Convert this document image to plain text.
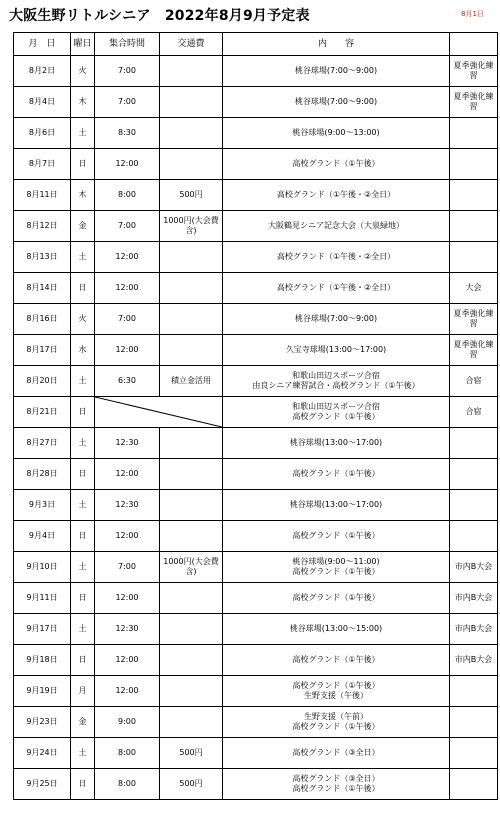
大阪生野リトルシニア　2022年8月9月予定表	8月1日
月　日	曜日	集合時間	交通費	内　　容	
8月2日	火	7:00		桃谷球場(7:00～9:00)	夏季強化練習
8月4日	木	7:00		桃谷球場(7:00～9:00)	夏季強化練習
8月6日	土	8:30		桃谷球場(9:00～13:00)	

8月7日	日	12:00		高校グランド（①午後）	

8月11日	木	8:00	500円	高校グランド（①午後・②全日）	

8月12日	金	7:00	1000円(大会費含)	大阪鶴見シニア記念大会（大泉緑地）	

8月13日	土	12:00		高校グランド（①午後・②全日）	

8月14日	日	12:00		高校グランド（①午後・②全日）	大会
8月16日	火	7:00		桃谷球場(7:00～9:00)	夏季強化練習
8月17日	水	12:00		久宝寺球場(13:00～17:00)	夏季強化練習
8月20日	土	6:30	積立金活用	和歌山田辺スポーツ合宿
由良シニア練習試合・高校グランド（①午後）	合宿
8月21日	日			和歌山田辺スポーツ合宿
高校グランド（①午後）	合宿
8月27日	土	12:30		桃谷球場(13:00～17:00)	

8月28日	日	12:00		高校グランド（①午後）	

9月3日	土	12:30		桃谷球場(13:00～17:00)	

9月4日	日	12:00		高校グランド（①午後）	

9月10日	土	7:00	1000円(大会費含)	桃谷球場(9:00～11:00)
高校グランド（①午後）	市内B大会
9月11日	日	12:00		高校グランド（①午後）	市内B大会
9月17日	土	12:30		桃谷球場(13:00～15:00)	市内B大会
9月18日	日	12:00		高校グランド（①午後）	市内B大会
9月19日	月	12:00		高校グランド（①午後）
生野支援（午後）	

9月23日	金	9:00		生野支援（午前）
高校グランド（①午後）	

9月24日	土	8:00	500円	高校グランド（③全日）	

9月25日	日	8:00	500円	高校グランド（③全日）
高校グランド（①午後）	
